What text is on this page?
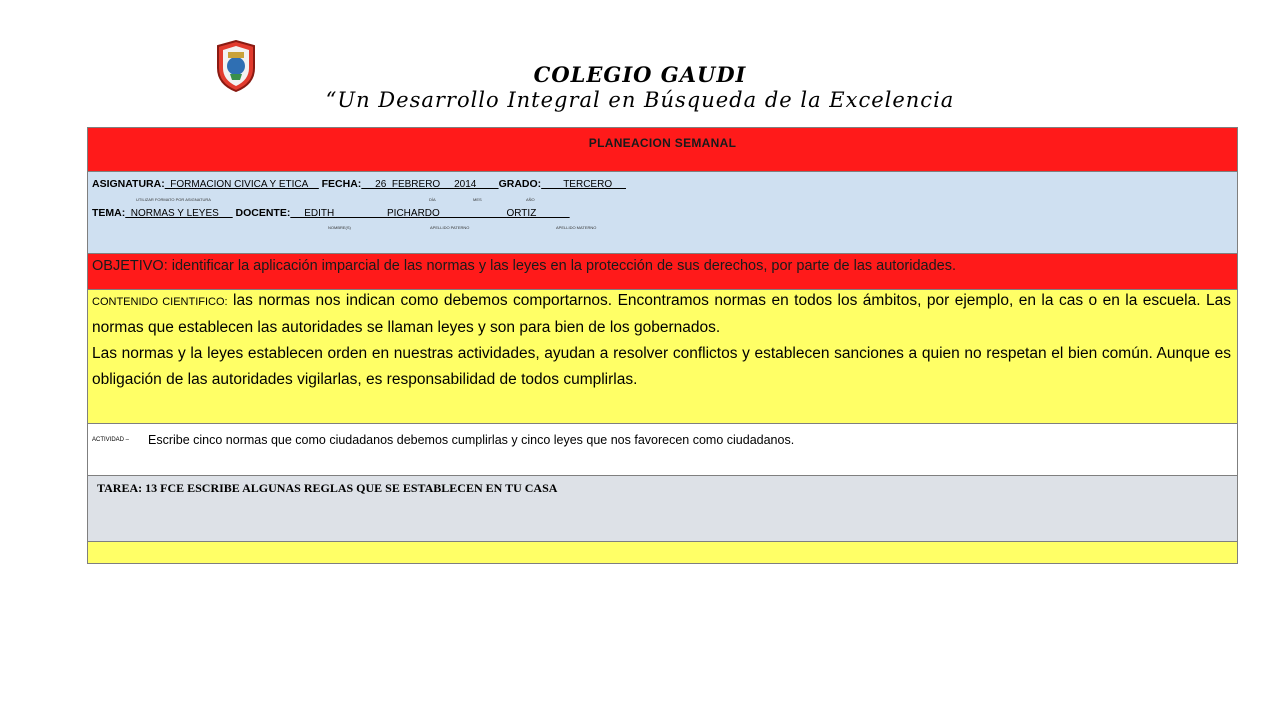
COLEGIO GAUDI
“Un Desarrollo Integral en Búsqueda de la Excelencia
PLANEACION SEMANAL
ASIGNATURA:  FORMACION CIVICA Y ETICA     FECHA:     26  FEBRERO     2014        GRADO:        TERCERO
UTILIZAR FORMATO POR ASIGNATURA	DÍA	MES	AÑO
TEMA:  NORMAS Y LEYES      DOCENTE:     EDITH                   PICHARDO                        ORTIZ
NOMBRE(S)	APELLIDO PATERNO	APELLIDO MATERNO
OBJETIVO: identificar la aplicación imparcial de las normas y las leyes en la protección de sus derechos, por parte de las autoridades.
CONTENIDO CIENTIFICO: las normas nos indican como debemos comportarnos. Encontramos normas en todos los ámbitos, por ejemplo, en la cas o en la escuela. Las normas que establecen las autoridades se llaman leyes y son para bien de los gobernados.
Las normas y la leyes establecen orden en nuestras actividades, ayudan a resolver conflictos y establecen sanciones a quien no respetan el bien común. Aunque es obligación de las autoridades vigilarlas, es responsabilidad de todos cumplirlas.
ACTIVIDAD – Escribe cinco normas que como ciudadanos debemos cumplirlas y cinco leyes que nos favorecen como ciudadanos.
TAREA: 13 FCE ESCRIBE ALGUNAS REGLAS QUE SE ESTABLECEN EN TU CASA
